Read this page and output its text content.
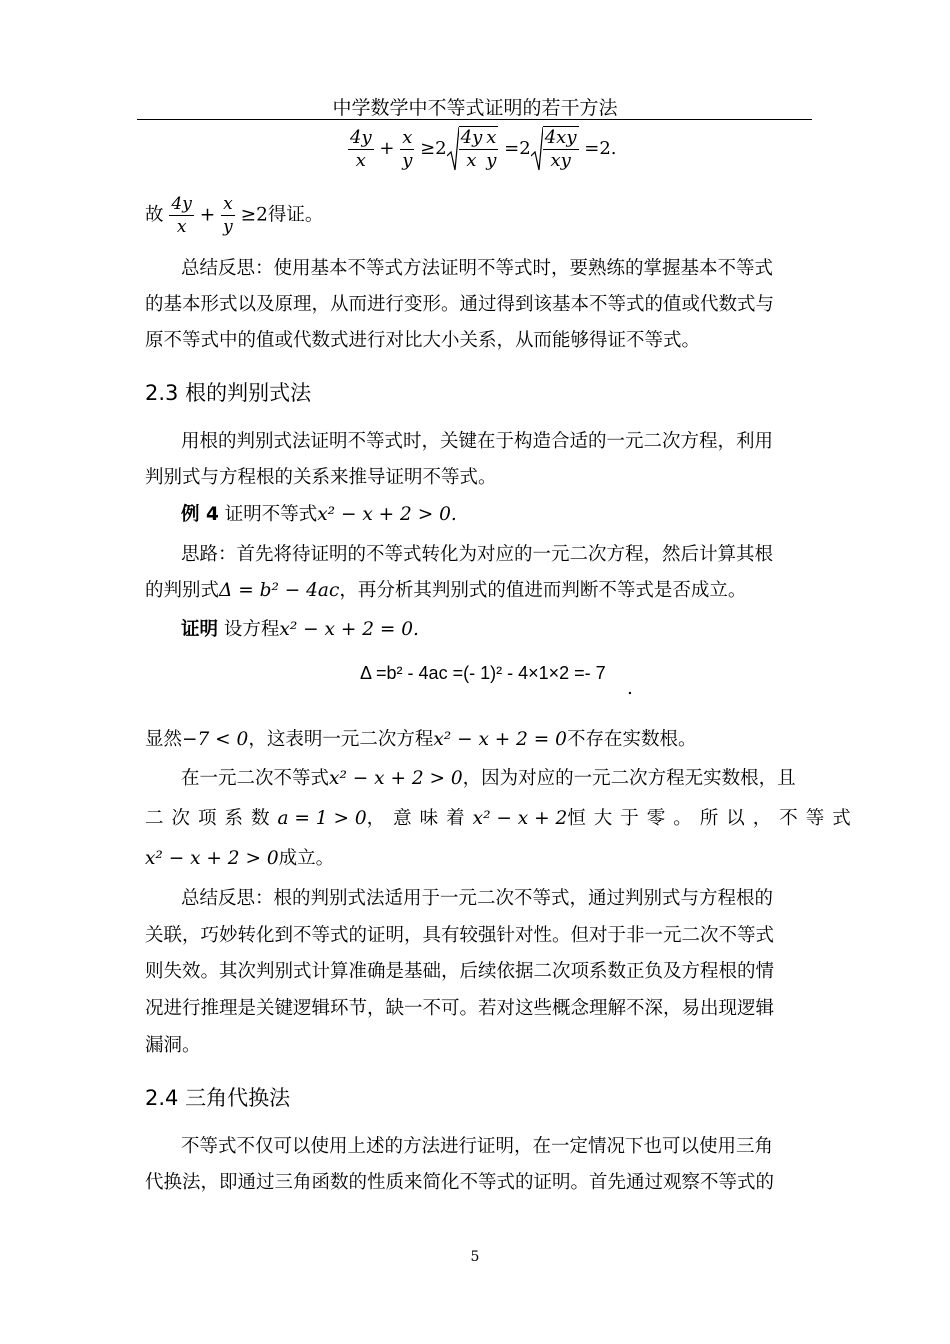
中学数学中不等式证明的若干方法
$\frac{4y}{x} + \frac{x}{y} \ge 2 \frac{4y}{x} \frac{x}{y} =2 \frac{4xy}{xy} =2$.
故 $\frac{4y}{x} + \frac{x}{y} \ge 2$得证。
总结反思：使用基本不等式方法证明不等式时，要熟练的掌握基本不等式
的基本形式以及原理，从而进行变形。通过得到该基本不等式的值或代数式与
原不等式中的值或代数式进行对比大小关系，从而能够得证不等式。
2.3 根的判别式法
用根的判别式法证明不等式时，关键在于构造合适的一元二次方程，利用
判别式与方程根的关系来推导证明不等式。
例 4 证明不等式x² − x + 2 > 0.
思路：首先将待证明的不等式转化为对应的一元二次方程，然后计算其根
的判别式Δ = b² − 4ac，再分析其判别式的值进而判断不等式是否成立。
证明 设方程x² − x + 2 = 0.
Δ =b² - 4ac =(- 1)² - 4×1×2 =- 7
.
显然−7 < 0，这表明一元二次方程x² − x + 2 = 0不存在实数根。
在一元二次不等式x² − x + 2 > 0，因为对应的一元二次方程无实数根，且
二次项系数a = 1 > 0，意味着x² − x + 2恒大于零。所以，不等式
x² − x + 2 > 0成立。
总结反思：根的判别式法适用于一元二次不等式，通过判别式与方程根的
关联，巧妙转化到不等式的证明，具有较强针对性。但对于非一元二次不等式
则失效。其次判别式计算准确是基础，后续依据二次项系数正负及方程根的情
况进行推理是关键逻辑环节，缺一不可。若对这些概念理解不深，易出现逻辑
漏洞。
2.4 三角代换法
不等式不仅可以使用上述的方法进行证明，在一定情况下也可以使用三角
代换法，即通过三角函数的性质来简化不等式的证明。首先通过观察不等式的
5
